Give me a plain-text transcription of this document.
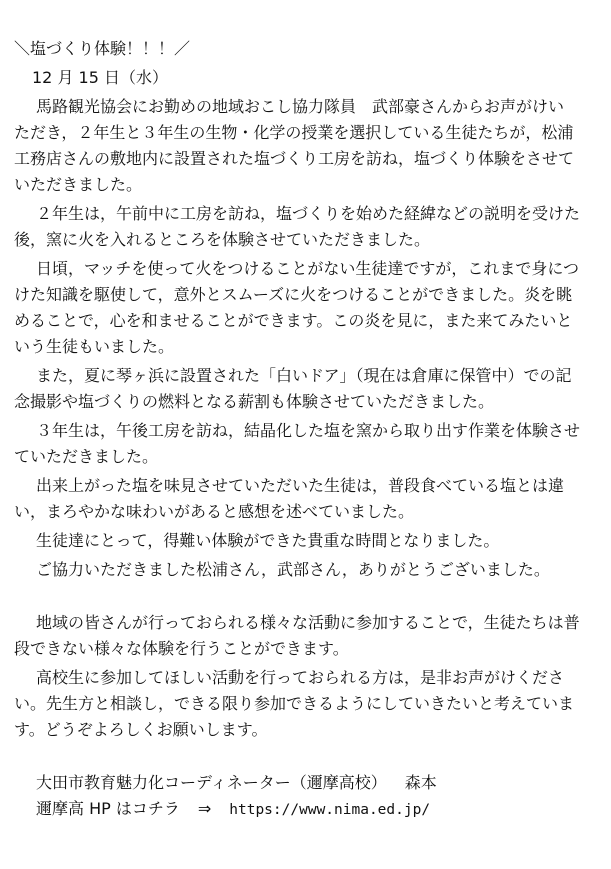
＼塩づくり体験！！！／
12 月 15 日（水）
馬路観光協会にお勤めの地域おこし協力隊員　武部豪さんからお声がけい
ただき，２年生と３年生の生物・化学の授業を選択している生徒たちが，松浦
工務店さんの敷地内に設置された塩づくり工房を訪ね，塩づくり体験をさせて
いただきました。
２年生は，午前中に工房を訪ね，塩づくりを始めた経緯などの説明を受けた
後，窯に火を入れるところを体験させていただきました。
日頃，マッチを使って火をつけることがない生徒達ですが，これまで身につ
けた知識を駆使して，意外とスムーズに火をつけることができました。炎を眺
めることで，心を和ませることができます。この炎を見に，また来てみたいと
いう生徒もいました。
また，夏に琴ヶ浜に設置された「白いドア」（現在は倉庫に保管中）での記
念撮影や塩づくりの燃料となる薪割も体験させていただきました。
３年生は，午後工房を訪ね，結晶化した塩を窯から取り出す作業を体験させ
ていただきました。
出来上がった塩を味見させていただいた生徒は，普段食べている塩とは違
い，まろやかな味わいがあると感想を述べていました。
生徒達にとって，得難い体験ができた貴重な時間となりました。
ご協力いただきました松浦さん，武部さん，ありがとうございました。
地域の皆さんが行っておられる様々な活動に参加することで，生徒たちは普
段できない様々な体験を行うことができます。
高校生に参加してほしい活動を行っておられる方は，是非お声がけくださ
い。先生方と相談し，できる限り参加できるようにしていきたいと考えていま
す。どうぞよろしくお願いします。
大田市教育魅力化コーディネーター（邇摩高校） 森本
邇摩高 HP はコチラ ⇒ https://www.nima.ed.jp/
